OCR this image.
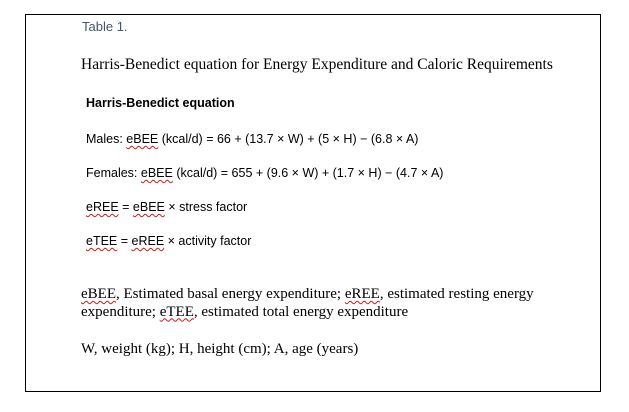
Table 1.
Harris-Benedict equation for Energy Expenditure and Caloric Requirements
Harris-Benedict equation
Males: eBEE (kcal/d) = 66 + (13.7 × W) + (5 × H) − (6.8 × A)
Females: eBEE (kcal/d) = 655 + (9.6 × W) + (1.7 × H) − (4.7 × A)
eREE = eBEE × stress factor
eTEE = eREE × activity factor
eBEE, Estimated basal energy expenditure; eREE, estimated resting energy expenditure; eTEE, estimated total energy expenditure
W, weight (kg); H, height (cm); A, age (years)
